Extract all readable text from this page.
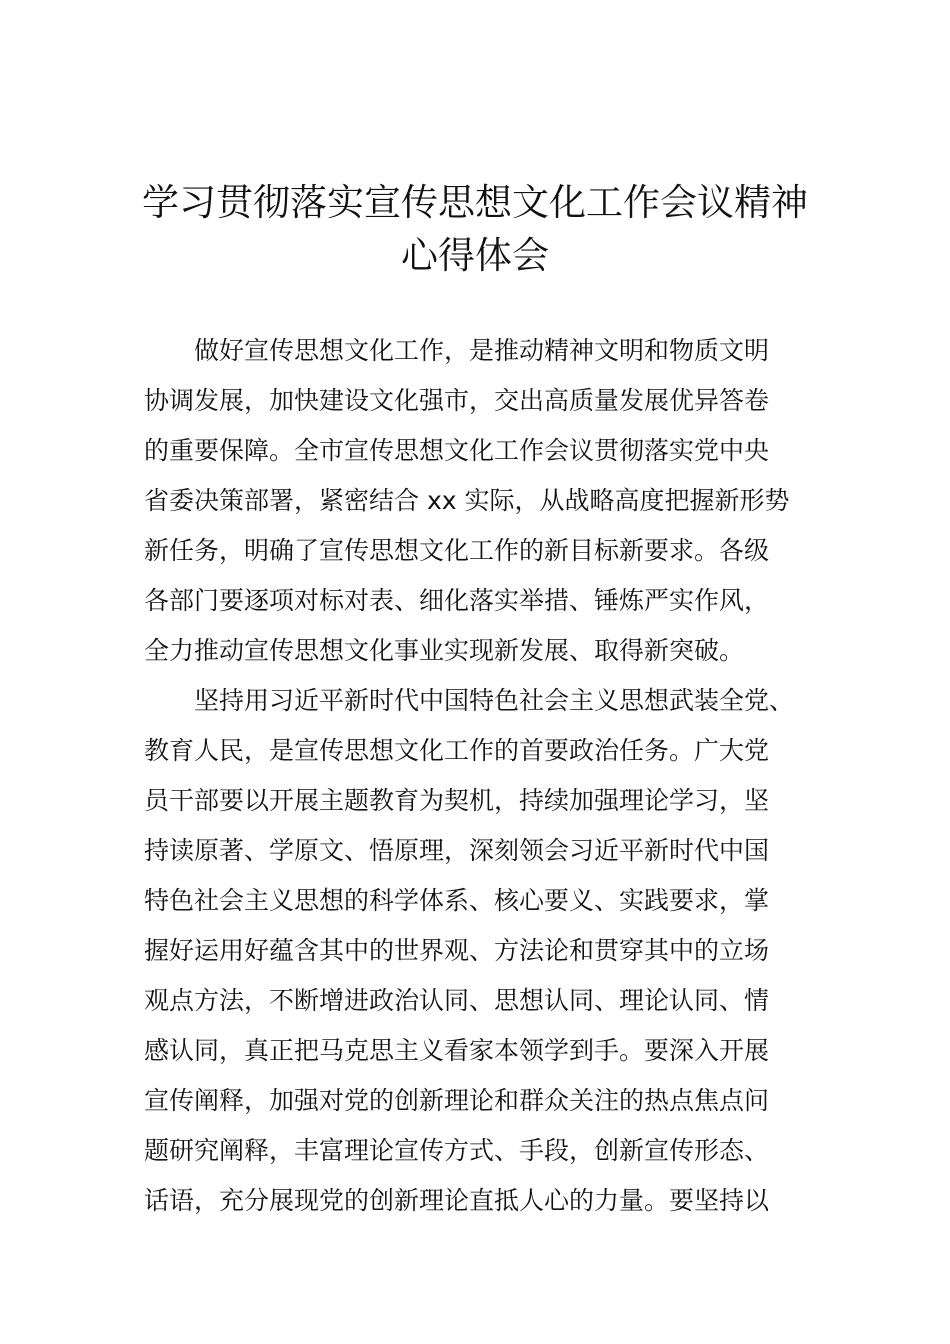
学习贯彻落实宣传思想文化工作会议精神
心得体会
做好宣传思想文化工作，是推动精神文明和物质文明
协调发展，加快建设文化强市，交出高质量发展优异答卷
的重要保障。全市宣传思想文化工作会议贯彻落实党中央
省委决策部署，紧密结合 xx 实际，从战略高度把握新形势
新任务，明确了宣传思想文化工作的新目标新要求。各级
各部门要逐项对标对表、细化落实举措、锤炼严实作风，
全力推动宣传思想文化事业实现新发展、取得新突破。
坚持用习近平新时代中国特色社会主义思想武装全党、
教育人民，是宣传思想文化工作的首要政治任务。广大党
员干部要以开展主题教育为契机，持续加强理论学习，坚
持读原著、学原文、悟原理，深刻领会习近平新时代中国
特色社会主义思想的科学体系、核心要义、实践要求，掌
握好运用好蕴含其中的世界观、方法论和贯穿其中的立场
观点方法，不断增进政治认同、思想认同、理论认同、情
感认同，真正把马克思主义看家本领学到手。要深入开展
宣传阐释，加强对党的创新理论和群众关注的热点焦点问
题研究阐释，丰富理论宣传方式、手段，创新宣传形态、
话语，充分展现党的创新理论直抵人心的力量。要坚持以
